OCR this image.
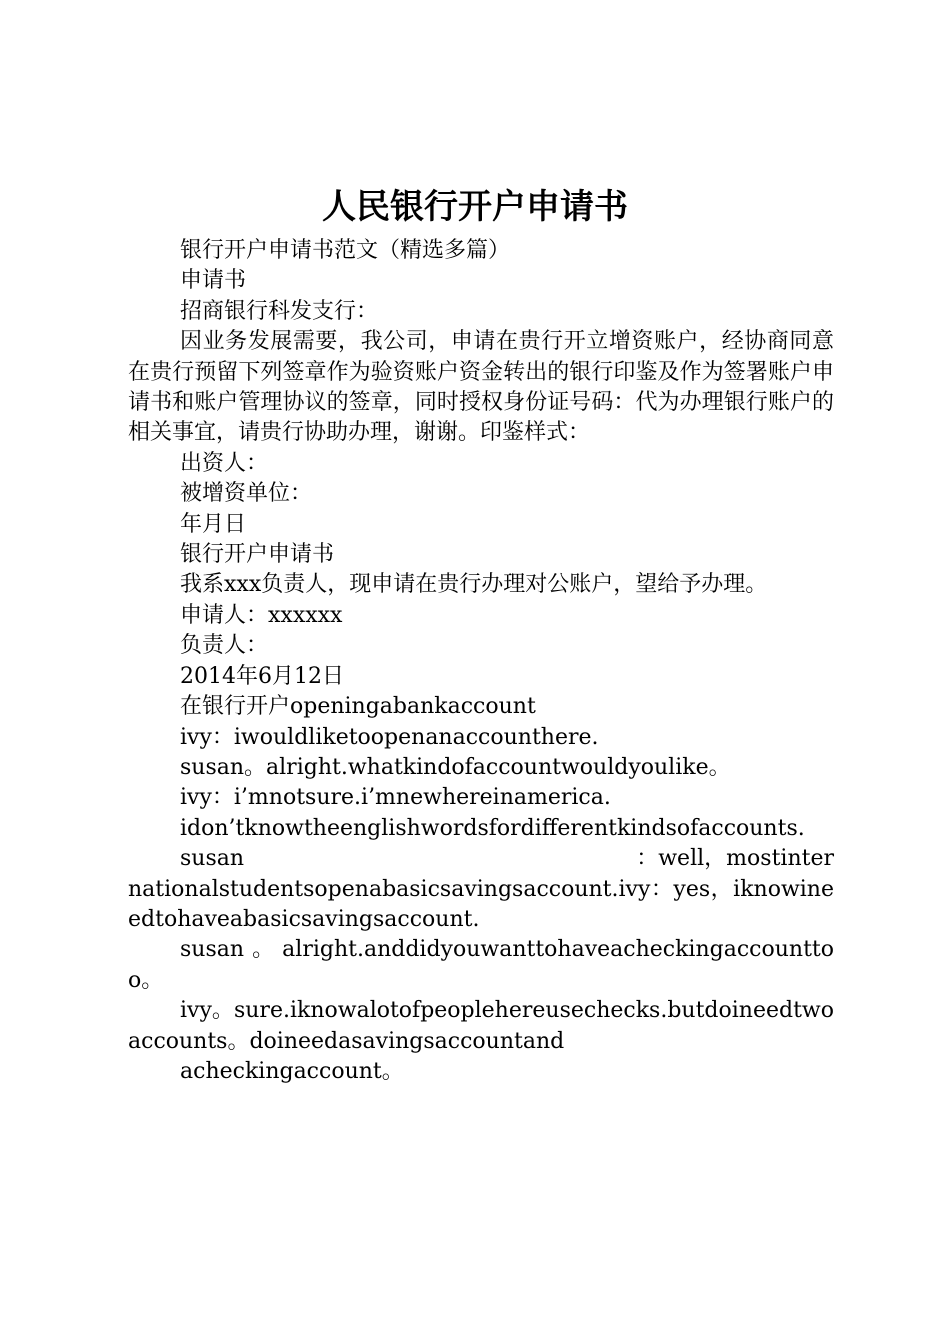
人民银行开户申请书

银行开户申请书范文（精选多篇）

申请书

招商银行科发支行：

因业务发展需要，我公司，申请在贵行开立增资账户，经协商同意在贵行预留下列签章作为验资账户资金转出的银行印鉴及作为签署账户申请书和账户管理协议的签章，同时授权身份证号码：代为办理银行账户的相关事宜，请贵行协助办理，谢谢。印鉴样式：

出资人：

被增资单位：

年月日

银行开户申请书

我系xxx负责人，现申请在贵行办理对公账户，望给予办理。

申请人：xxxxxx

负责人：

2014年6月12日

在银行开户openingabankaccount

ivy：iwouldliketoopenanaccounthere.

susan。alright.whatkindofaccountwouldyoulike。

ivy：i’mnotsure.i’mnewhereinamerica.

idon’tknowtheenglishwordsfordifferentkindsofaccounts.

susan                                                        ：well，mostinternationalstudentsopenabasicsavingsaccount.ivy：yes，iknowineedtohaveabasicsavingsaccount.

susan。alright.anddidyouwanttohaveacheckingaccounttoo。

ivy。sure.iknowalotofpeoplehereusechecks.butdoineedtwoaccounts。doineedasavingsaccountand

acheckingaccount。
